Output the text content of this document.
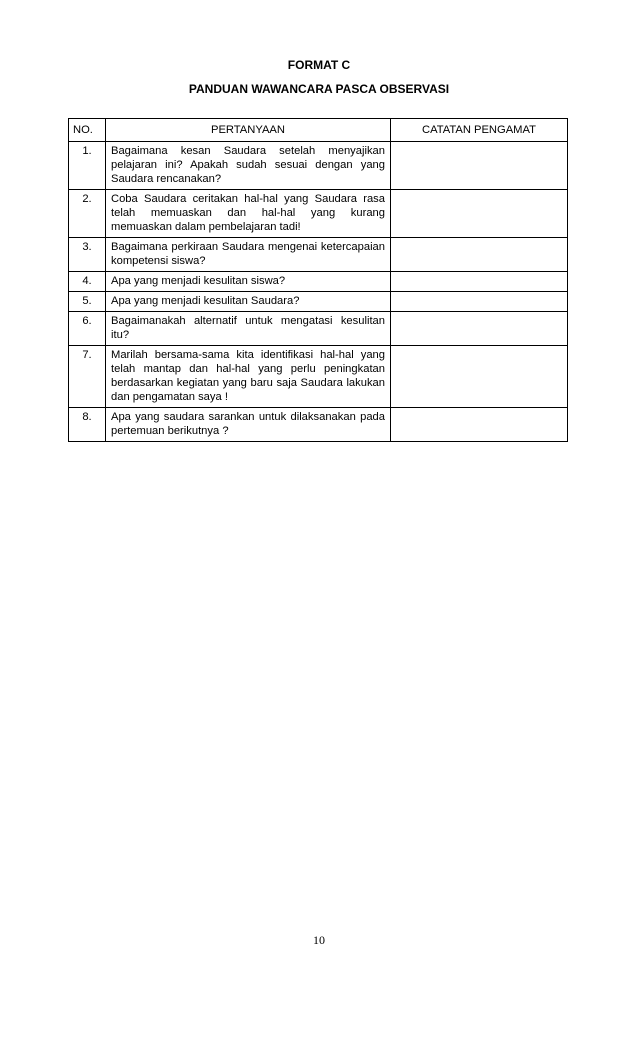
FORMAT C
PANDUAN WAWANCARA PASCA OBSERVASI
NO.	PERTANYAAN	CATATAN PENGAMAT
1.	Bagaimana kesan Saudara setelah menyajikan pelajaran ini? Apakah sudah sesuai dengan yang Saudara rencanakan?	
2.	Coba Saudara ceritakan hal-hal yang Saudara rasa telah memuaskan dan hal-hal yang kurang memuaskan dalam pembelajaran tadi!	
3.	Bagaimana perkiraan Saudara mengenai ketercapaian kompetensi siswa?	
4.	Apa yang menjadi kesulitan siswa?	
5.	Apa yang menjadi kesulitan Saudara?	
6.	Bagaimanakah alternatif untuk mengatasi kesulitan itu?	
7.	Marilah bersama-sama kita identifikasi hal-hal yang telah mantap dan hal-hal yang perlu peningkatan berdasarkan kegiatan yang baru saja Saudara lakukan dan pengamatan saya !	
8.	Apa yang saudara sarankan untuk dilaksanakan pada pertemuan berikutnya ?	
10
